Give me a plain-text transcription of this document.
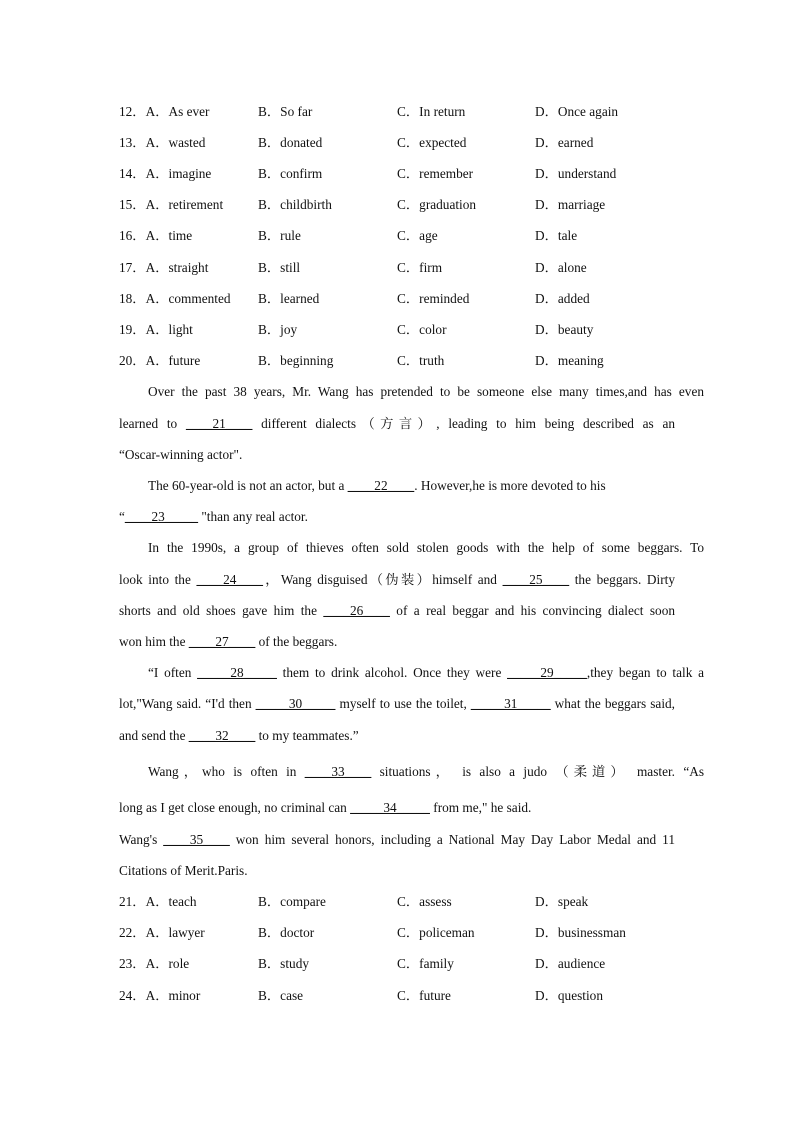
12．A．As ever	B．So far	C．In return	D．Once again
13．A．wasted	B．donated	C．expected	D．earned
14．A．imagine	B．confirm	C．remember	D．understand
15．A．retirement	B．childbirth	C．graduation	D．marriage
16．A．time	B．rule	C．age	D．tale
17．A．straight	B．still	C．firm	D．alone
18．A．commented B．learned	C．reminded	D．added
19．A．light	B．joy	C．color	D．beauty
20．A．future	B．beginning	C．truth	D．meaning
Over the past 38 years, Mr. Wang has pretended to be someone else many times,and has even
learned to ____21____ different dialects（方言）, leading to him being described as an
“Oscar-winning actor".
The 60-year-old is not an actor, but a ____22____. However,he is more devoted to his
“____23_____ "than any real actor.
In the 1990s, a group of thieves often sold stolen goods with the help of some beggars. To
look into the ____24____，Wang disguised（伪装）himself and ____25____ the beggars. Dirty
shorts and old shoes gave him the ____26____ of a real beggar and his convincing dialect soon
won him the ____27____ of the beggars.
“I often _____28_____ them to drink alcohol. Once they were _____29_____,they began to talk a
lot,"Wang said. “I'd then _____30_____ myself to use the toilet, _____31_____ what the beggars said,
and send the ____32____ to my teammates.”
Wang，who is often in ____33____ situations， is also a judo （柔道） master. “As
long as I get close enough, no criminal can _____34_____ from me," he said.
Wang's ____35____ won him several honors, including a National May Day Labor Medal and 11
Citations of Merit.Paris.
21．A．teach	B．compare	C．assess	D．speak
22．A．lawyer	B．doctor	C．policeman	D．businessman
23．A．role	B．study	C．family	D．audience
24．A．minor	B．case	C．future	D．question
